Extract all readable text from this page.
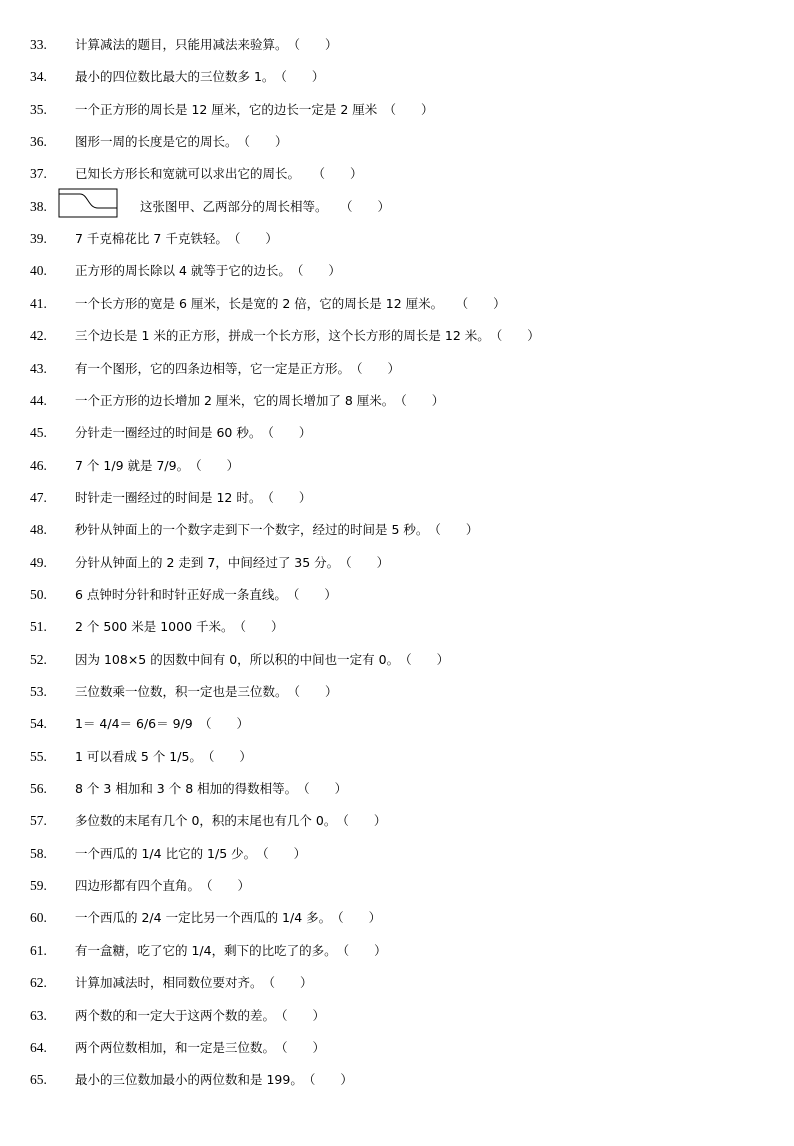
33.	计算减法的题目，只能用减法来验算。　（　　）
34.	最小的四位数比最大的三位数多 1。　（　　）
35.	一个正方形的周长是 12 厘米，它的边长一定是 2 厘米　（　　）
36.	图形一周的长度是它的周长。　（　　）
37.	已知长方形长和宽就可以求出它的周长。　　（　　）
38.	这张图甲、乙两部分的周长相等。　　（　　）
39.	7 千克棉花比 7 千克铁轻。　（　　）
40.	正方形的周长除以 4 就等于它的边长。　（　　）
41.	一个长方形的宽是 6 厘米，长是宽的 2 倍，它的周长是 12 厘米。　　（　　）
42.	三个边长是 1 米的正方形，拼成一个长方形，这个长方形的周长是 12 米。　（　　）
43.	有一个图形，它的四条边相等，它一定是正方形。　（　　）
44.	一个正方形的边长增加 2 厘米，它的周长增加了 8 厘米。　（　　）
45.	分针走一圈经过的时间是 60 秒。　（　　）
46.	7 个 1/9 就是 7/9。　（　　）
47.	时针走一圈经过的时间是 12 时。　（　　）
48.	秒针从钟面上的一个数字走到下一个数字，经过的时间是 5 秒。　（　　）
49.	分针从钟面上的 2 走到 7，中间经过了 35 分。　（　　）
50.	6 点钟时分针和时针正好成一条直线。　（　　）
51.	2 个 500 米是 1000 千米。　（　　）
52.	因为 108×5 的因数中间有 0，所以积的中间也一定有 0。　（　　）
53.	三位数乘一位数，积一定也是三位数。　（　　）
54.	1＝ 4/4＝ 6/6＝ 9/9　（　　）
55.	1 可以看成 5 个 1/5。　（　　）
56.	8 个 3 相加和 3 个 8 相加的得数相等。　（　　）
57.	多位数的末尾有几个 0，积的末尾也有几个 0。　（　　）
58.	一个西瓜的 1/4 比它的 1/5 少。　（　　）
59.	四边形都有四个直角。　（　　）
60.	一个西瓜的 2/4 一定比另一个西瓜的 1/4 多。　（　　）
61.	有一盒糖，吃了它的 1/4，剩下的比吃了的多。　（　　）
62.	计算加减法时，相同数位要对齐。　（　　）
63.	两个数的和一定大于这两个数的差。　（　　）
64.	两个两位数相加，和一定是三位数。　（　　）
65.	最小的三位数加最小的两位数和是 199。　（　　）
